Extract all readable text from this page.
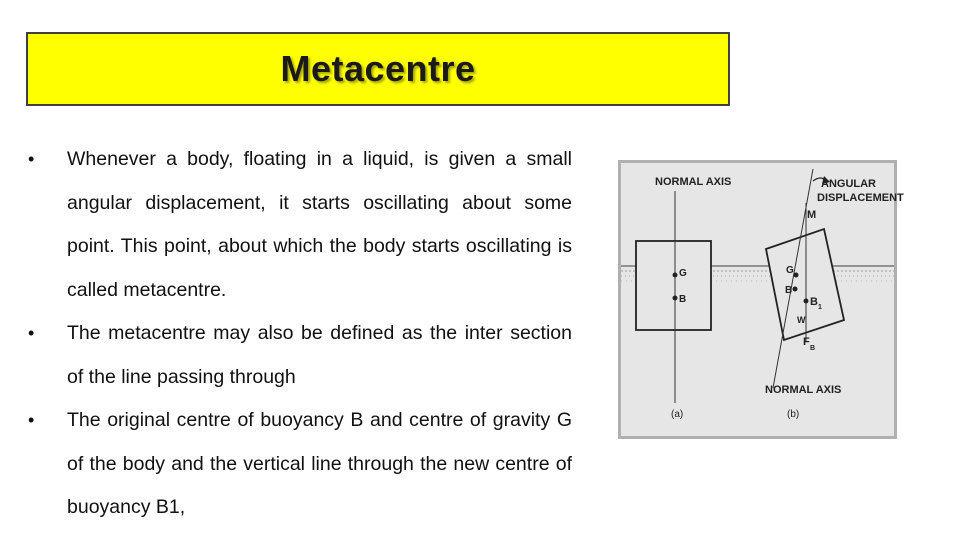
Metacentre
• Whenever a body, floating in a liquid, is given a small angular displacement, it starts oscillating about some point. This point, about which the body starts oscillating is called metacentre.
• The metacentre may also be defined as the inter section of the line passing through
• The original centre of buoyancy B and centre of gravity G of the body and the vertical line through the new centre of buoyancy B1,
G
B
NORMAL AXIS
(a)
M
ANGULAR
DISPLACEMENT
G
B
B 1
W
F
B
NORMAL AXIS
(b)
